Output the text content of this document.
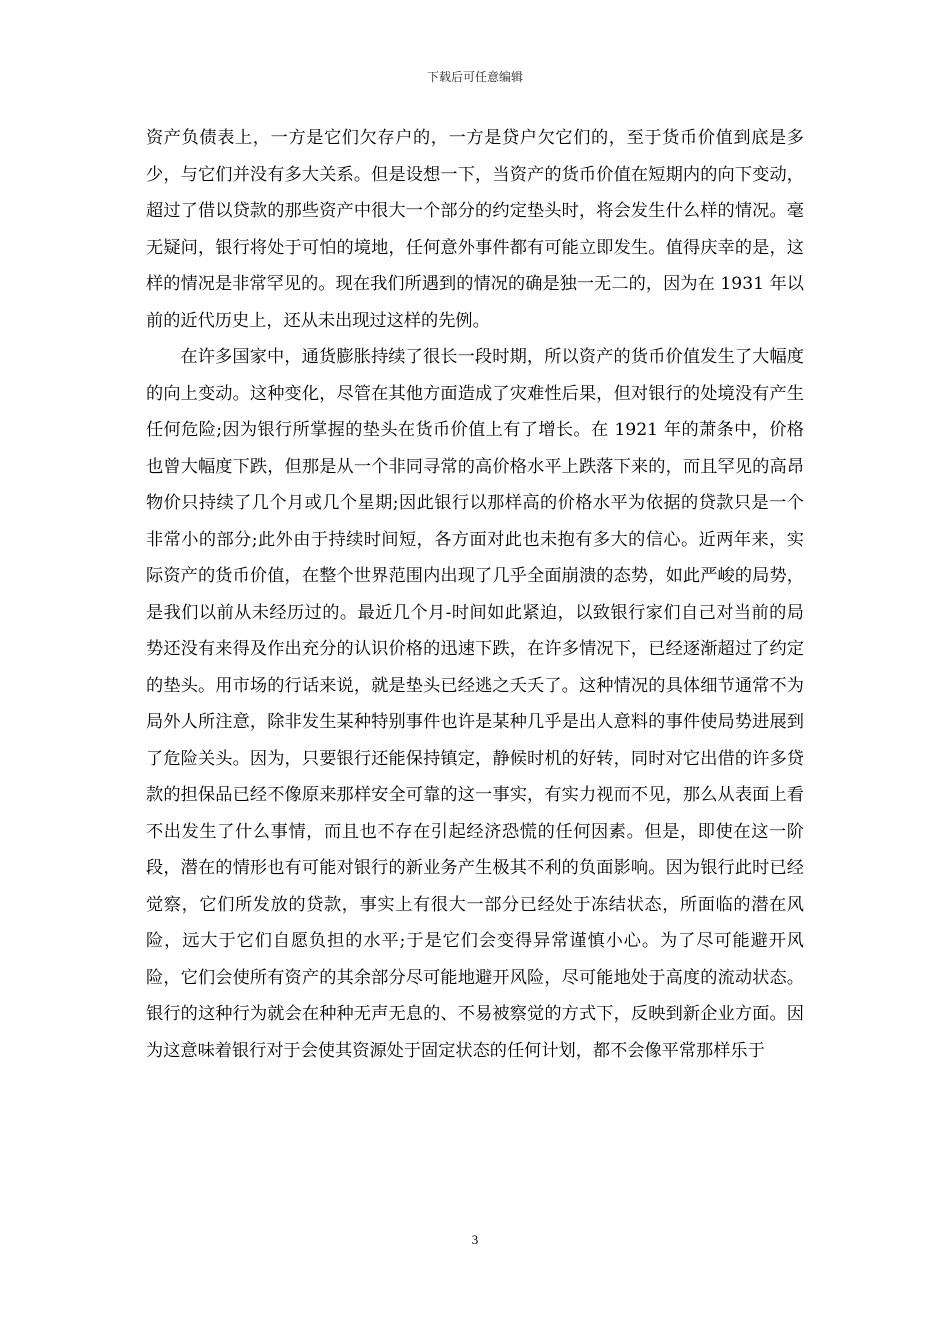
下载后可任意编辑

资产负债表上，一方是它们欠存户的，一方是贷户欠它们的，至于货币价值到底是多少，与它们并没有多大关系。但是设想一下，当资产的货币价值在短期内的向下变动，超过了借以贷款的那些资产中很大一个部分的约定垫头时，将会发生什么样的情况。毫无疑问，银行将处于可怕的境地，任何意外事件都有可能立即发生。值得庆幸的是，这样的情况是非常罕见的。现在我们所遇到的情况的确是独一无二的，因为在 1931 年以前的近代历史上，还从未出现过这样的先例。

在许多国家中，通货膨胀持续了很长一段时期，所以资产的货币价值发生了大幅度的向上变动。这种变化，尽管在其他方面造成了灾难性后果，但对银行的处境没有产生任何危险;因为银行所掌握的垫头在货币价值上有了增长。在 1921 年的萧条中，价格也曾大幅度下跌，但那是从一个非同寻常的高价格水平上跌落下来的，而且罕见的高昂物价只持续了几个月或几个星期;因此银行以那样高的价格水平为依据的贷款只是一个非常小的部分;此外由于持续时间短，各方面对此也未抱有多大的信心。近两年来，实际资产的货币价值，在整个世界范围内出现了几乎全面崩溃的态势，如此严峻的局势，是我们以前从未经历过的。最近几个月-时间如此紧迫，以致银行家们自己对当前的局势还没有来得及作出充分的认识价格的迅速下跌，在许多情况下，已经逐渐超过了约定的垫头。用市场的行话来说，就是垫头已经逃之夭夭了。这种情况的具体细节通常不为局外人所注意，除非发生某种特别事件也许是某种几乎是出人意料的事件使局势进展到了危险关头。因为，只要银行还能保持镇定，静候时机的好转，同时对它出借的许多贷款的担保品已经不像原来那样安全可靠的这一事实，有实力视而不见，那么从表面上看不出发生了什么事情，而且也不存在引起经济恐慌的任何因素。但是，即使在这一阶段，潜在的情形也有可能对银行的新业务产生极其不利的负面影响。因为银行此时已经觉察，它们所发放的贷款，事实上有很大一部分已经处于冻结状态，所面临的潜在风险，远大于它们自愿负担的水平;于是它们会变得异常谨慎小心。为了尽可能避开风险，它们会使所有资产的其余部分尽可能地避开风险，尽可能地处于高度的流动状态。银行的这种行为就会在种种无声无息的、不易被察觉的方式下，反映到新企业方面。因为这意味着银行对于会使其资源处于固定状态的任何计划，都不会像平常那样乐于

3
